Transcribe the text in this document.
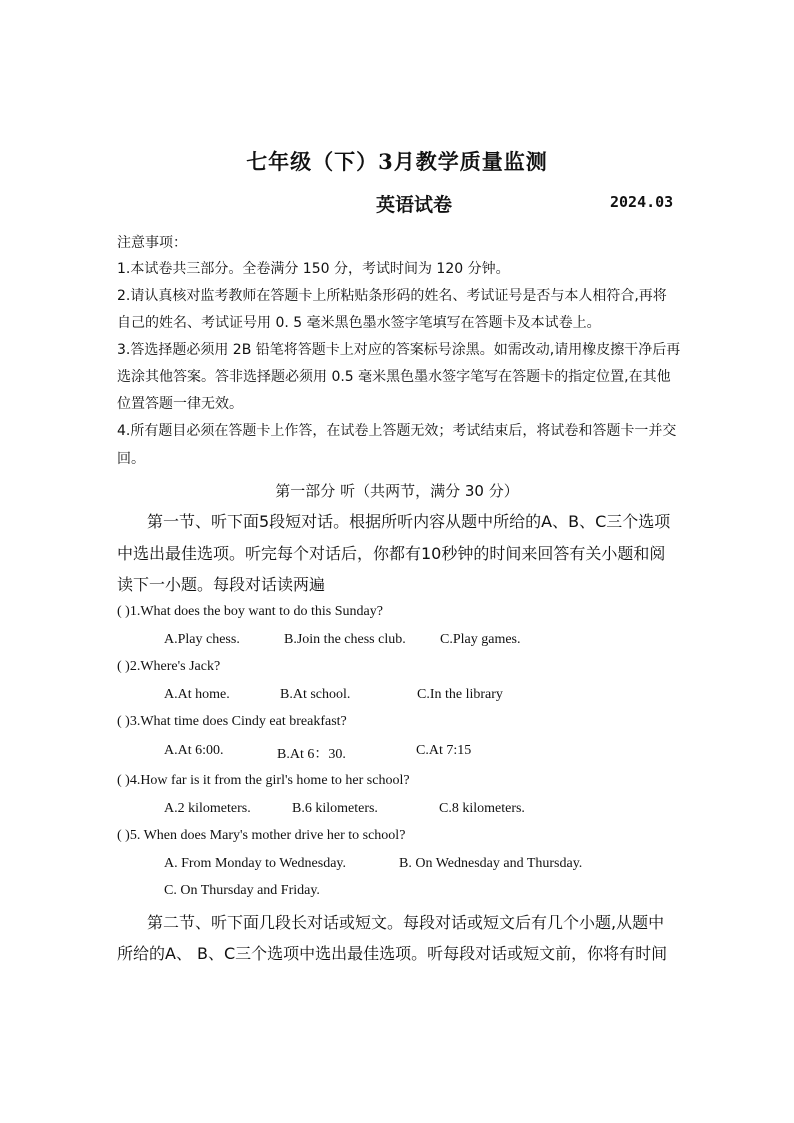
七年级（下）3月教学质量监测
英语试卷	2024.03
注意事项：
1.本试卷共三部分。全卷满分 150 分，考试时间为 120 分钟。
2.请认真核对监考教师在答题卡上所粘贴条形码的姓名、考试证号是否与本人相符合,再将
自己的姓名、考试证号用 0. 5 毫米黑色墨水签字笔填写在答题卡及本试卷上。
3.答选择题必须用 2B 铅笔将答题卡上对应的答案标号涂黑。如需改动,请用橡皮擦干净后再
选涂其他答案。答非选择题必须用 0.5 毫米黑色墨水签字笔写在答题卡的指定位置,在其他
位置答题一律无效。
4.所有题目必须在答题卡上作答，在试卷上答题无效；考试结束后，将试卷和答题卡一并交
回。
第一部分 听（共两节，满分 30 分）
第一节、听下面5段短对话。根据所听内容从题中所给的A、B、C三个选项
中选出最佳选项。听完每个对话后，你都有10秒钟的时间来回答有关小题和阅
读下一小题。每段对话读两遍
( )1.What does the boy want to do this Sunday?
A.Play chess.	B.Join the chess club. C.Play games.
( )2.Where's Jack?
A.At home.	B.At school.	C.In the library
( )3.What time does Cindy eat breakfast?
A.At 6:00.	B.At 6：30.	C.At 7:15
( )4.How far is it from the girl's home to her school?
A.2 kilometers.	B.6 kilometers.	C.8 kilometers.
( )5. When does Mary's mother drive her to school?
A. From Monday to Wednesday.	B. On Wednesday and Thursday.
C. On Thursday and Friday.
第二节、听下面几段长对话或短文。每段对话或短文后有几个小题,从题中
所给的A、 B、C三个选项中选出最佳选项。听每段对话或短文前，你将有时间
